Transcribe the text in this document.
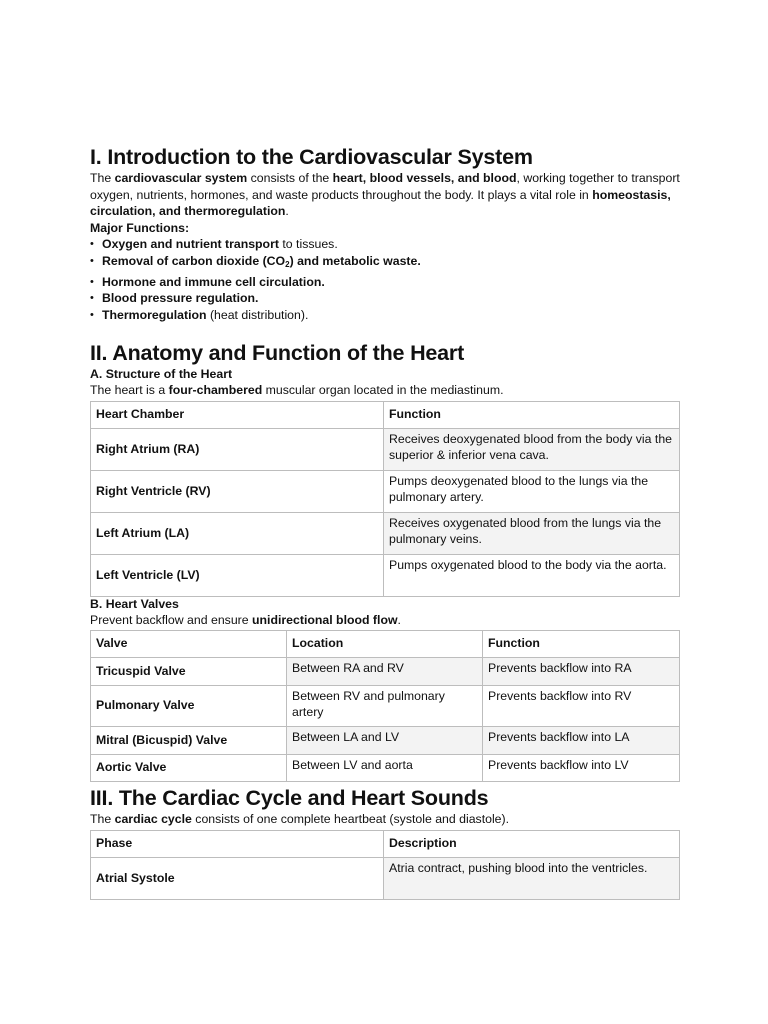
I. Introduction to the Cardiovascular System

The cardiovascular system consists of the heart, blood vessels, and blood, working together to transport oxygen, nutrients, hormones, and waste products throughout the body. It plays a vital role in homeostasis, circulation, and thermoregulation.

Major Functions:
• Oxygen and nutrient transport to tissues.
• Removal of carbon dioxide $(CO_2)$ and metabolic waste.
• Hormone and immune cell circulation.
• Blood pressure regulation.
• Thermoregulation (heat distribution).
II. Anatomy and Function of the Heart
A. Structure of the Heart

The heart is a four-chambered muscular organ located in the mediastinum.

Heart Chamber	Function
Right Atrium (RA)	Receives deoxygenated blood from the body via the superior & inferior vena cava.
Right Ventricle (RV)	Pumps deoxygenated blood to the lungs via the pulmonary artery.
Left Atrium (LA)	Receives oxygenated blood from the lungs via the pulmonary veins.
Left Ventricle (LV)	Pumps oxygenated blood to the body via the aorta.
B. Heart Valves

Prevent backflow and ensure unidirectional blood flow.

Valve	Location	Function
Tricuspid Valve	Between RA and RV	Prevents backflow into RA
Pulmonary Valve	Between RV and pulmonary artery	Prevents backflow into RV
Mitral (Bicuspid) Valve	Between LA and LV	Prevents backflow into LA
Aortic Valve	Between LV and aorta	Prevents backflow into LV
III. The Cardiac Cycle and Heart Sounds

The cardiac cycle consists of one complete heartbeat (systole and diastole).

Phase	Description
Atrial Systole	Atria contract, pushing blood into the ventricles.
